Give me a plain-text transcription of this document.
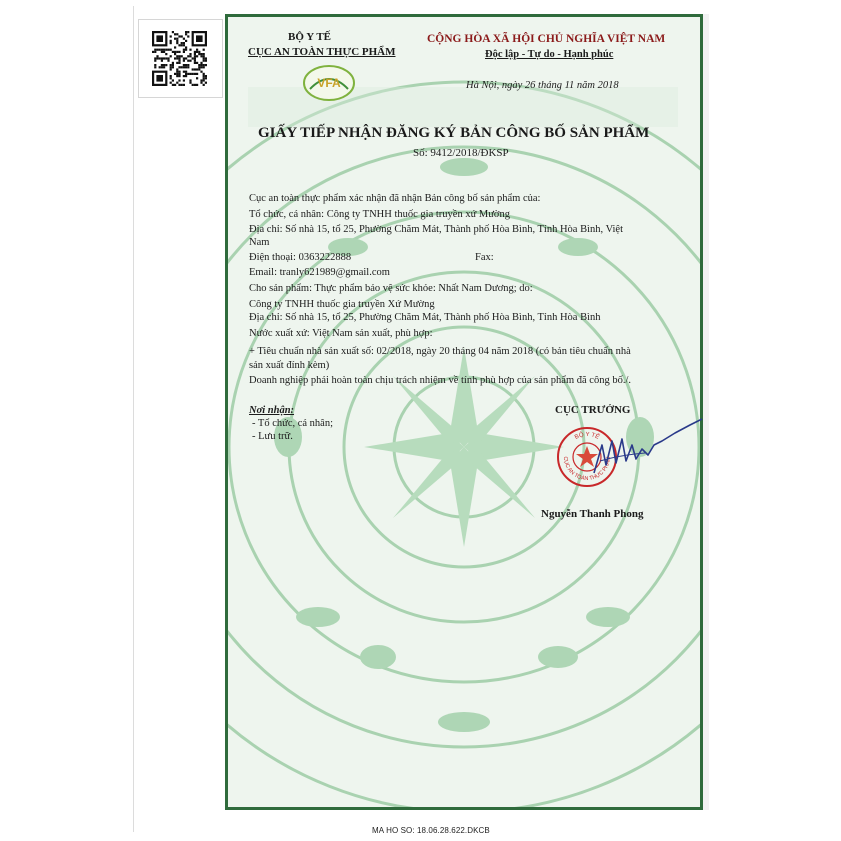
VFA
BỘ Y TẾ
CỤC AN TOÀN THỰC PHẨM
CỘNG HÒA XÃ HỘI CHỦ NGHĨA VIỆT NAM
Độc lập - Tự do - Hạnh phúc
Hà Nội, ngày 26 tháng 11 năm 2018
GIẤY TIẾP NHẬN ĐĂNG KÝ BẢN CÔNG BỐ SẢN PHẨM
Số: 9412/2018/ĐKSP
Cục an toàn thực phẩm xác nhận đã nhận Bản công bố sản phẩm của:
Tổ chức, cá nhân: Công ty TNHH thuốc gia truyền xứ Mường
Địa chỉ: Số nhà 15, tổ 25, Phường Chăm Mát, Thành phố Hòa Bình, Tỉnh Hòa Bình, Việt
Nam
Điện thoại: 0363222888	Fax:
Email: tranly621989@gmail.com
Cho sản phẩm: Thực phẩm bảo vệ sức khỏe: Nhất Nam Dương; do:
Công ty TNHH thuốc gia truyền Xứ Mường
Địa chỉ: Số nhà 15, tổ 25, Phường Chăm Mát, Thành phố Hòa Bình, Tỉnh Hòa Bình
Nước xuất xứ: Việt Nam sản xuất, phù hợp:
+ Tiêu chuẩn nhà sản xuất số: 02/2018, ngày 20 tháng 04 năm 2018 (có bản tiêu chuẩn nhà
sản xuất đính kèm)
Doanh nghiệp phải hoàn toàn chịu trách nhiệm về tính phù hợp của sản phẩm đã công bố./.
Nơi nhận:
- Tổ chức, cá nhân;
- Lưu trữ.
CỤC TRƯỞNG
BỘ Y TẾ
CỤC AN TOÀN THỰC PHẨM
Nguyễn Thanh Phong
MA HO SO: 18.06.28.622.DKCB
